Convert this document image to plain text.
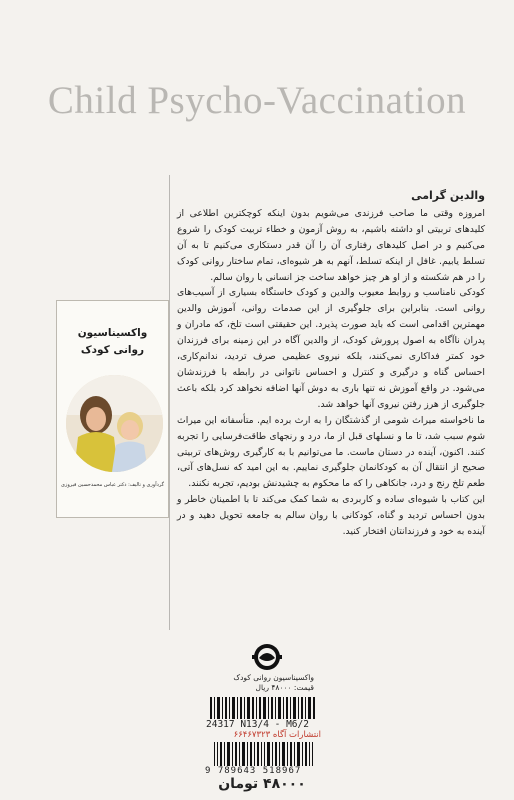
Child Psycho-Vaccination
واکسیناسیون روانی کودک
گردآوری و تالیف: دکتر عباس محمدحسین فیروزی
والدین گرامی

امروزه وقتی ما صاحب فرزندی می‌شویم بدون اینکه کوچکترین اطلاعی از کلیدهای تربیتی او داشته باشیم، به روش آزمون و خطاء تربیت کودک را شروع می‌کنیم و در اصل کلیدهای رفتاری آن را آن قدر دستکاری می‌کنیم تا به آن تسلط یابیم. غافل از اینکه تسلط، آنهم به هر شیوه‌ای، تمام ساختار روانی کودک را در هم شکسته و از او هر چیز خواهد ساخت جز انسانی با روان سالم.

کودکی نامناسب و روابط معیوب والدین و کودک خاستگاه بسیاری از آسیب‌های روانی است. بنابراین برای جلوگیری از این صدمات روانی، آموزش والدین مهمترین اقدامی است که باید صورت پذیرد. این حقیقتی است تلخ، که مادران و پدران ناآگاه به اصول پرورش کودک، از والدین آگاه در این زمینه برای فرزندان خود کمتر فداکاری نمی‌کنند، بلکه نیروی عظیمی صرف تردید، ندانم‌کاری، احساس گناه و درگیری و کنترل و احساس ناتوانی در رابطه با فرزندشان می‌شود. در واقع آموزش نه تنها باری به دوش آنها اضافه نخواهد کرد بلکه باعث جلوگیری از هرز رفتن نیروی آنها خواهد شد.

ما ناخواسته میراث شومی از گذشتگان را به ارث برده ایم. متأسفانه این میراث شوم سبب شد، تا ما و نسلهای قبل از ما، درد و رنجهای طاقت‌فرسایی را تجربه کنند. اکنون، آینده در دستان ماست. ما می‌توانیم با به کارگیری روش‌های تربیتی صحیح از انتقال آن به کودکانمان جلوگیری نماییم. به این امید که نسل‌های آتی، طعم تلخ رنج و درد، جانکاهی را که ما محکوم به چشیدنش بودیم، تجربه نکنند.

این کتاب با شیوه‌ای ساده و کاربردی به شما کمک می‌کند تا با اطمینان خاطر و بدون احساس تردید و گناه، کودکانی با روان سالم به جامعه تحویل دهید و در آینده به خود و فرزندانتان افتخار کنید.

واکسیناسیون روانی کودک
قیمت: ۴۸۰۰۰ ریال
24317 N13/4 - M6/2
انتشارات آگاه ۶۶۴۶۷۳۲۳
9 789643 518967
۴۸۰۰۰ تومان
